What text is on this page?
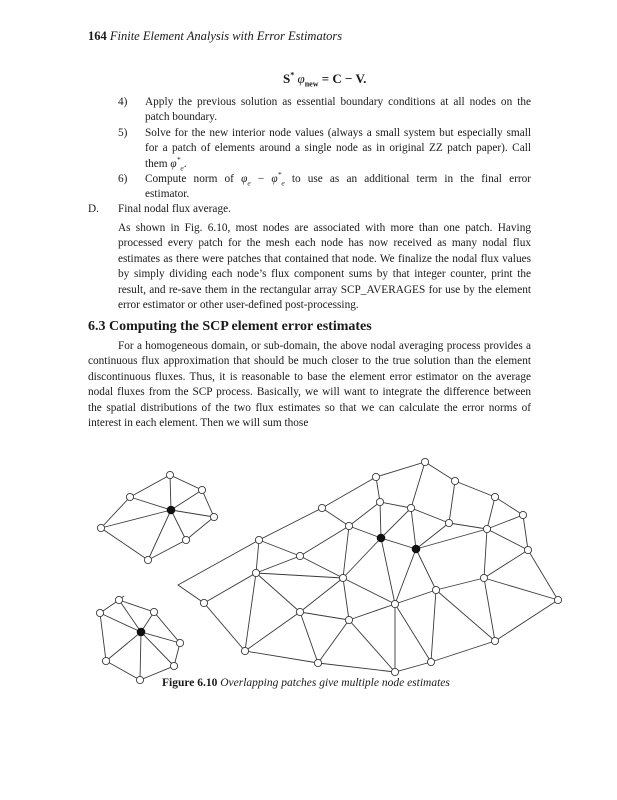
164 Finite Element Analysis with Error Estimators
S* $\varphi_{new} = C - V$.
4) Apply the previous solution as essential boundary conditions at all nodes on the patch boundary.
5) Solve for the new interior node values (always a small system but especially small for a patch of elements around a single node as in original ZZ patch paper). Call them $\varphi^*_e$.
6) Compute norm of $\varphi_e - \varphi^*_e$ to use as an additional term in the final error estimator.
D. Final nodal flux average.
As shown in Fig. 6.10, most nodes are associated with more than one patch. Having processed every patch for the mesh each node has now received as many nodal flux estimates as there were patches that contained that node. We finalize the nodal flux values by simply dividing each node’s flux component sums by that integer counter, print the result, and re-save them in the rectangular array SCP_AVERAGES for use by the element error estimator or other user-defined post-processing.
6.3 Computing the SCP element error estimates
For a homogeneous domain, or sub-domain, the above nodal averaging process provides a continuous flux approximation that should be much closer to the true solution than the element discontinuous fluxes. Thus, it is reasonable to base the element error estimator on the average nodal fluxes from the SCP process. Basically, we will want to integrate the difference between the spatial distributions of the two flux estimates so that we can calculate the error norms of interest in each element. Then we will sum those
Figure 6.10 Overlapping patches give multiple node estimates
